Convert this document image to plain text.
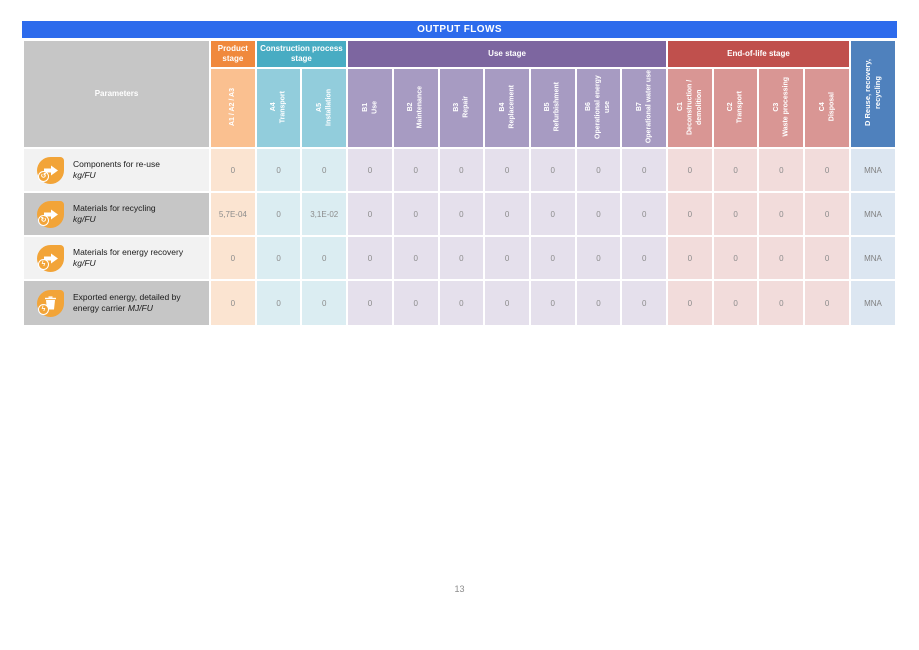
OUTPUT FLOWS
Parameters	Product stage	Construction process stage		Use stage							End-of-life stage				D Reuse, recovery, recycling

	A1 / A2 / A3	A4 Transport	A5 Installation	B1 Use	B2 Maintenance	B3 Repair	B4 Replacement	B5 Refurbishment	B6 Operational energy use	B7 Operational water use	C1 Deconstruction / demolition	C2 Transport	C3 Waste processing	C4 Disposal	

↺
Components for re-use
kg/FU	0	0	0	0	0	0	0	0	0	0	0	0	0	0	MNA

↻
Materials for recycling
kg/FU	5,7E-04	0	3,1E-02	0	0	0	0	0	0	0	0	0	0	0	MNA

ϟ
Materials for energy recovery
kg/FU	0	0	0	0	0	0	0	0	0	0	0	0	0	0	MNA

ϟ
Exported energy, detailed by energy carrier MJ/FU	0	0	0	0	0	0	0	0	0	0	0	0	0	0	MNA
13
